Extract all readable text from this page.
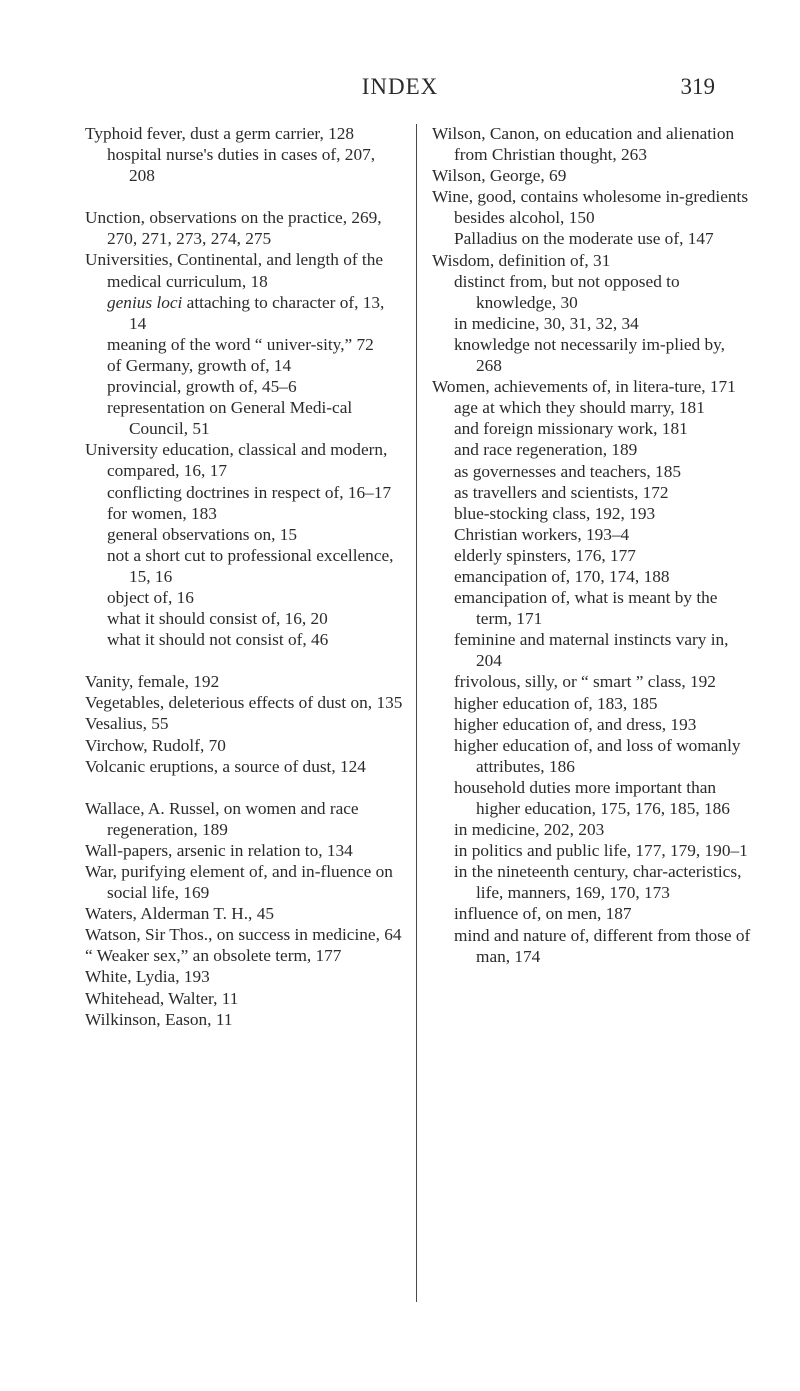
INDEX	319
Typhoid fever, dust a germ carrier, 128
hospital nurse's duties in cases of, 207, 208
Unction, observations on the practice, 269, 270, 271, 273, 274, 275
Universities, Continental, and length of the medical curriculum, 18
genius loci attaching to character of, 13, 14
meaning of the word “ univer-sity,” 72
of Germany, growth of, 14
provincial, growth of, 45–6
representation on General Medi-cal Council, 51
University education, classical and modern, compared, 16, 17
conflicting doctrines in respect of, 16–17
for women, 183
general observations on, 15
not a short cut to professional excellence, 15, 16
object of, 16
what it should consist of, 16, 20
what it should not consist of, 46
Vanity, female, 192
Vegetables, deleterious effects of dust on, 135
Vesalius, 55
Virchow, Rudolf, 70
Volcanic eruptions, a source of dust, 124
Wallace, A. Russel, on women and race regeneration, 189
Wall-papers, arsenic in relation to, 134
War, purifying element of, and in-fluence on social life, 169
Waters, Alderman T. H., 45
Watson, Sir Thos., on success in medicine, 64
“ Weaker sex,” an obsolete term, 177
White, Lydia, 193
Whitehead, Walter, 11
Wilkinson, Eason, 11
Wilson, Canon, on education and alienation from Christian thought, 263
Wilson, George, 69
Wine, good, contains wholesome in-gredients besides alcohol, 150
Palladius on the moderate use of, 147
Wisdom, definition of, 31
distinct from, but not opposed to knowledge, 30
in medicine, 30, 31, 32, 34
knowledge not necessarily im-plied by, 268
Women, achievements of, in litera-ture, 171
age at which they should marry, 181
and foreign missionary work, 181
and race regeneration, 189
as governesses and teachers, 185
as travellers and scientists, 172
blue-stocking class, 192, 193
Christian workers, 193–4
elderly spinsters, 176, 177
emancipation of, 170, 174, 188
emancipation of, what is meant by the term, 171
feminine and maternal instincts vary in, 204
frivolous, silly, or “ smart ” class, 192
higher education of, 183, 185
higher education of, and dress, 193
higher education of, and loss of womanly attributes, 186
household duties more important than higher education, 175, 176, 185, 186
in medicine, 202, 203
in politics and public life, 177, 179, 190–1
in the nineteenth century, char-acteristics, life, manners, 169, 170, 173
influence of, on men, 187
mind and nature of, different from those of man, 174
